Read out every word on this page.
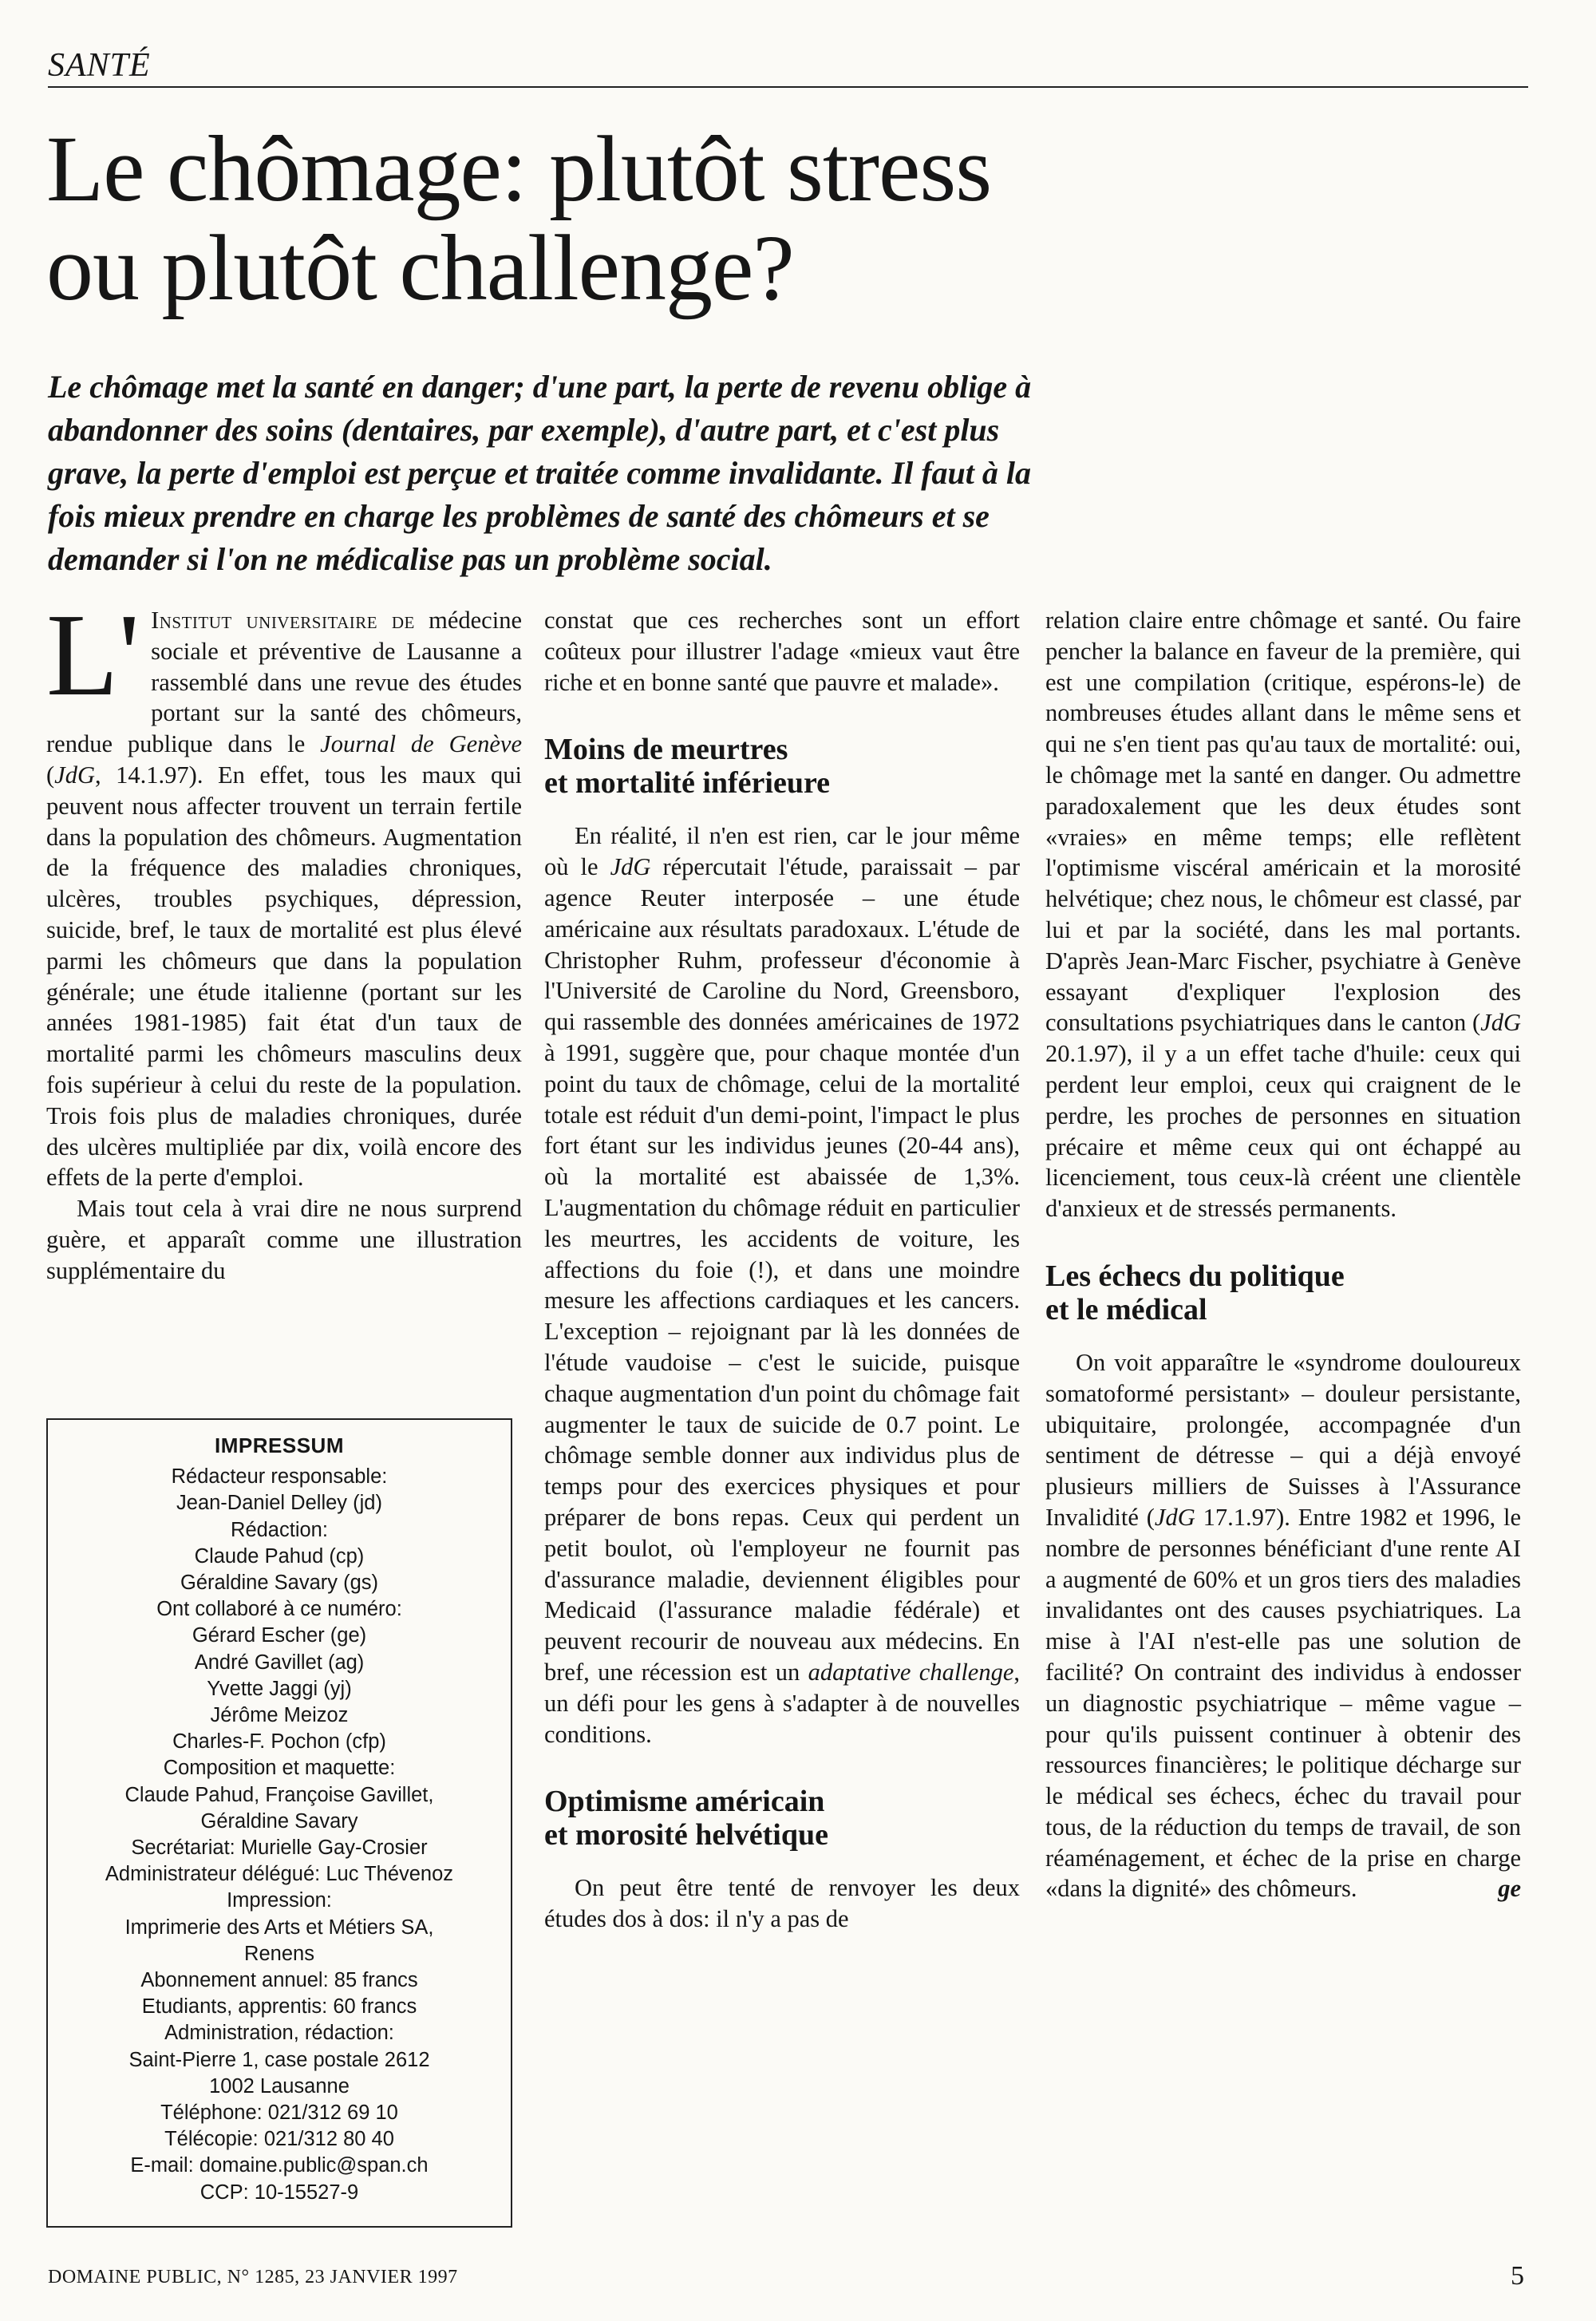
SANTÉ
Le chômage: plutôt stress
ou plutôt challenge?

Le chômage met la santé en danger; d'une part, la perte de revenu oblige à
abandonner des soins (dentaires, par exemple), d'autre part, et c'est plus
grave, la perte d'emploi est perçue et traitée comme invalidante. Il faut à la
fois mieux prendre en charge les problèmes de santé des chômeurs et se
demander si l'on ne médicalise pas un problème social.

L' Institut universitaire de médecine sociale et préventive de Lausanne a rassemblé dans une revue des études portant sur la santé des chômeurs, rendue publique dans le Journal de Genève (JdG, 14.1.97). En effet, tous les maux qui peuvent nous affecter trouvent un terrain fertile dans la population des chômeurs. Augmentation de la fréquence des maladies chroniques, ulcères, troubles psychiques, dépression, suicide, bref, le taux de mortalité est plus élevé parmi les chômeurs que dans la population générale; une étude italienne (portant sur les années 1981-1985) fait état d'un taux de mortalité parmi les chômeurs masculins deux fois supérieur à celui du reste de la population. Trois fois plus de maladies chroniques, durée des ulcères multipliée par dix, voilà encore des effets de la perte d'emploi.

Mais tout cela à vrai dire ne nous surprend guère, et apparaît comme une illustration supplémentaire du

IMPRESSUM
Rédacteur responsable:
Jean-Daniel Delley (jd)
Rédaction:
Claude Pahud (cp)
Géraldine Savary (gs)
Ont collaboré à ce numéro:
Gérard Escher (ge)
André Gavillet (ag)
Yvette Jaggi (yj)
Jérôme Meizoz
Charles-F. Pochon (cfp)
Composition et maquette:
Claude Pahud, Françoise Gavillet,
Géraldine Savary
Secrétariat: Murielle Gay-Crosier
Administrateur délégué: Luc Thévenoz
Impression:
Imprimerie des Arts et Métiers SA,
Renens
Abonnement annuel: 85 francs
Etudiants, apprentis: 60 francs
Administration, rédaction:
Saint-Pierre 1, case postale 2612
1002 Lausanne
Téléphone: 021/312 69 10
Télécopie: 021/312 80 40
E-mail: domaine.public@span.ch
CCP: 10-15527-9

constat que ces recherches sont un effort coûteux pour illustrer l'adage «mieux vaut être riche et en bonne santé que pauvre et malade».

Moins de meurtres
et mortalité inférieure

En réalité, il n'en est rien, car le jour même où le JdG répercutait l'étude, paraissait – par agence Reuter interposée – une étude américaine aux résultats paradoxaux. L'étude de Christopher Ruhm, professeur d'économie à l'Université de Caroline du Nord, Greensboro, qui rassemble des données américaines de 1972 à 1991, suggère que, pour chaque montée d'un point du taux de chômage, celui de la mortalité totale est réduit d'un demi-point, l'impact le plus fort étant sur les individus jeunes (20-44 ans), où la mortalité est abaissée de 1,3%. L'augmentation du chômage réduit en particulier les meurtres, les accidents de voiture, les affections du foie (!), et dans une moindre mesure les affections cardiaques et les cancers. L'exception – rejoignant par là les données de l'étude vaudoise – c'est le suicide, puisque chaque augmentation d'un point du chômage fait augmenter le taux de suicide de 0.7 point. Le chômage semble donner aux individus plus de temps pour des exercices physiques et pour préparer de bons repas. Ceux qui perdent un petit boulot, où l'employeur ne fournit pas d'assurance maladie, deviennent éligibles pour Medicaid (l'assurance maladie fédérale) et peuvent recourir de nouveau aux médecins. En bref, une récession est un adaptative challenge, un défi pour les gens à s'adapter à de nouvelles conditions.

Optimisme américain
et morosité helvétique

On peut être tenté de renvoyer les deux études dos à dos: il n'y a pas de

relation claire entre chômage et santé. Ou faire pencher la balance en faveur de la première, qui est une compilation (critique, espérons-le) de nombreuses études allant dans le même sens et qui ne s'en tient pas qu'au taux de mortalité: oui, le chômage met la santé en danger. Ou admettre paradoxalement que les deux études sont «vraies» en même temps; elle reflètent l'optimisme viscéral américain et la morosité helvétique; chez nous, le chômeur est classé, par lui et par la société, dans les mal portants. D'après Jean-Marc Fischer, psychiatre à Genève essayant d'expliquer l'explosion des consultations psychiatriques dans le canton (JdG 20.1.97), il y a un effet tache d'huile: ceux qui perdent leur emploi, ceux qui craignent de le perdre, les proches de personnes en situation précaire et même ceux qui ont échappé au licenciement, tous ceux-là créent une clientèle d'anxieux et de stressés permanents.

Les échecs du politique
et le médical

On voit apparaître le «syndrome douloureux somatoformé persistant» – douleur persistante, ubiquitaire, prolongée, accompagnée d'un sentiment de détresse – qui a déjà envoyé plusieurs milliers de Suisses à l'Assurance Invalidité (JdG 17.1.97). Entre 1982 et 1996, le nombre de personnes bénéficiant d'une rente AI a augmenté de 60% et un gros tiers des maladies invalidantes ont des causes psychiatriques. La mise à l'AI n'est-elle pas une solution de facilité? On contraint des individus à endosser un diagnostic psychiatrique – même vague – pour qu'ils puissent continuer à obtenir des ressources financières; le politique décharge sur le médical ses échecs, échec du travail pour tous, de la réduction du temps de travail, de son réaménagement, et échec de la prise en charge «dans la dignité» des chômeurs.	ge

DOMAINE PUBLIC, N° 1285, 23 JANVIER 1997	5
